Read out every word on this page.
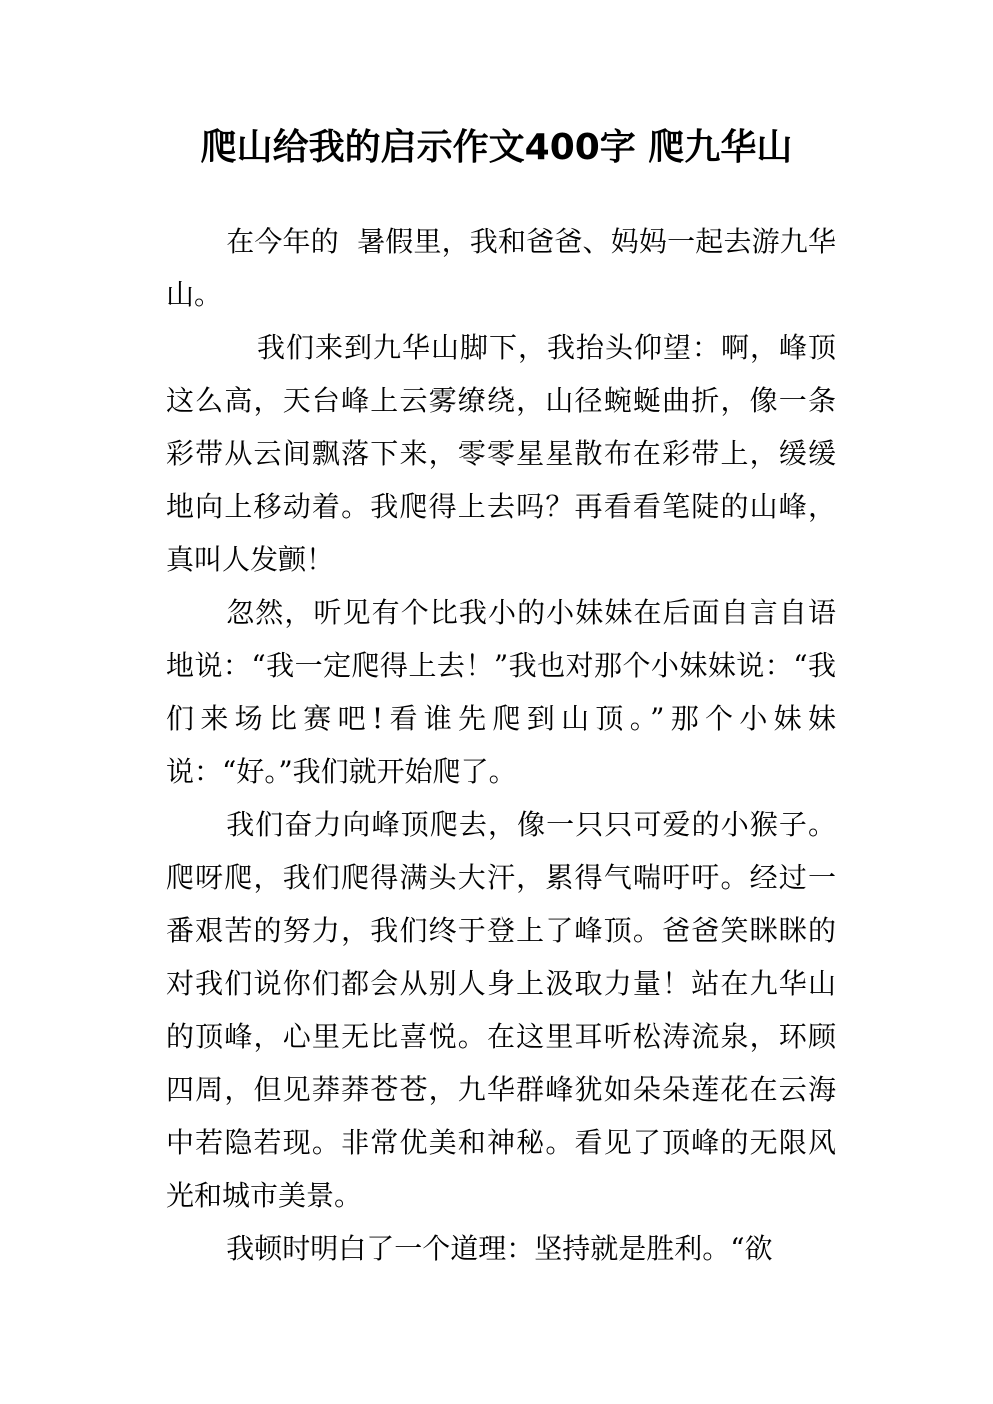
爬山给我的启示作文400字 爬九华山

在今年的  暑假里，我和爸爸、妈妈一起去游九华山。

我们来到九华山脚下，我抬头仰望：啊，峰顶这么高，天台峰上云雾缭绕，山径蜿蜒曲折，像一条彩带从云间飘落下来，零零星星散布在彩带上，缓缓地向上移动着。我爬得上去吗？再看看笔陡的山峰，真叫人发颤！

忽然，听见有个比我小的小妹妹在后面自言自语地说：“我一定爬得上去！”我也对那个小妹妹说：“我们来场比赛吧!看谁先爬到山顶。”那个小妹妹说：“好。”我们就开始爬了。

我们奋力向峰顶爬去，像一只只可爱的小猴子。爬呀爬，我们爬得满头大汗，累得气喘吁吁。经过一番艰苦的努力，我们终于登上了峰顶。爸爸笑眯眯的对我们说你们都会从别人身上汲取力量！站在九华山的顶峰，心里无比喜悦。在这里耳听松涛流泉，环顾四周，但见莽莽苍苍，九华群峰犹如朵朵莲花在云海中若隐若现。非常优美和神秘。看见了顶峰的无限风光和城市美景。

我顿时明白了一个道理：坚持就是胜利。“欲
